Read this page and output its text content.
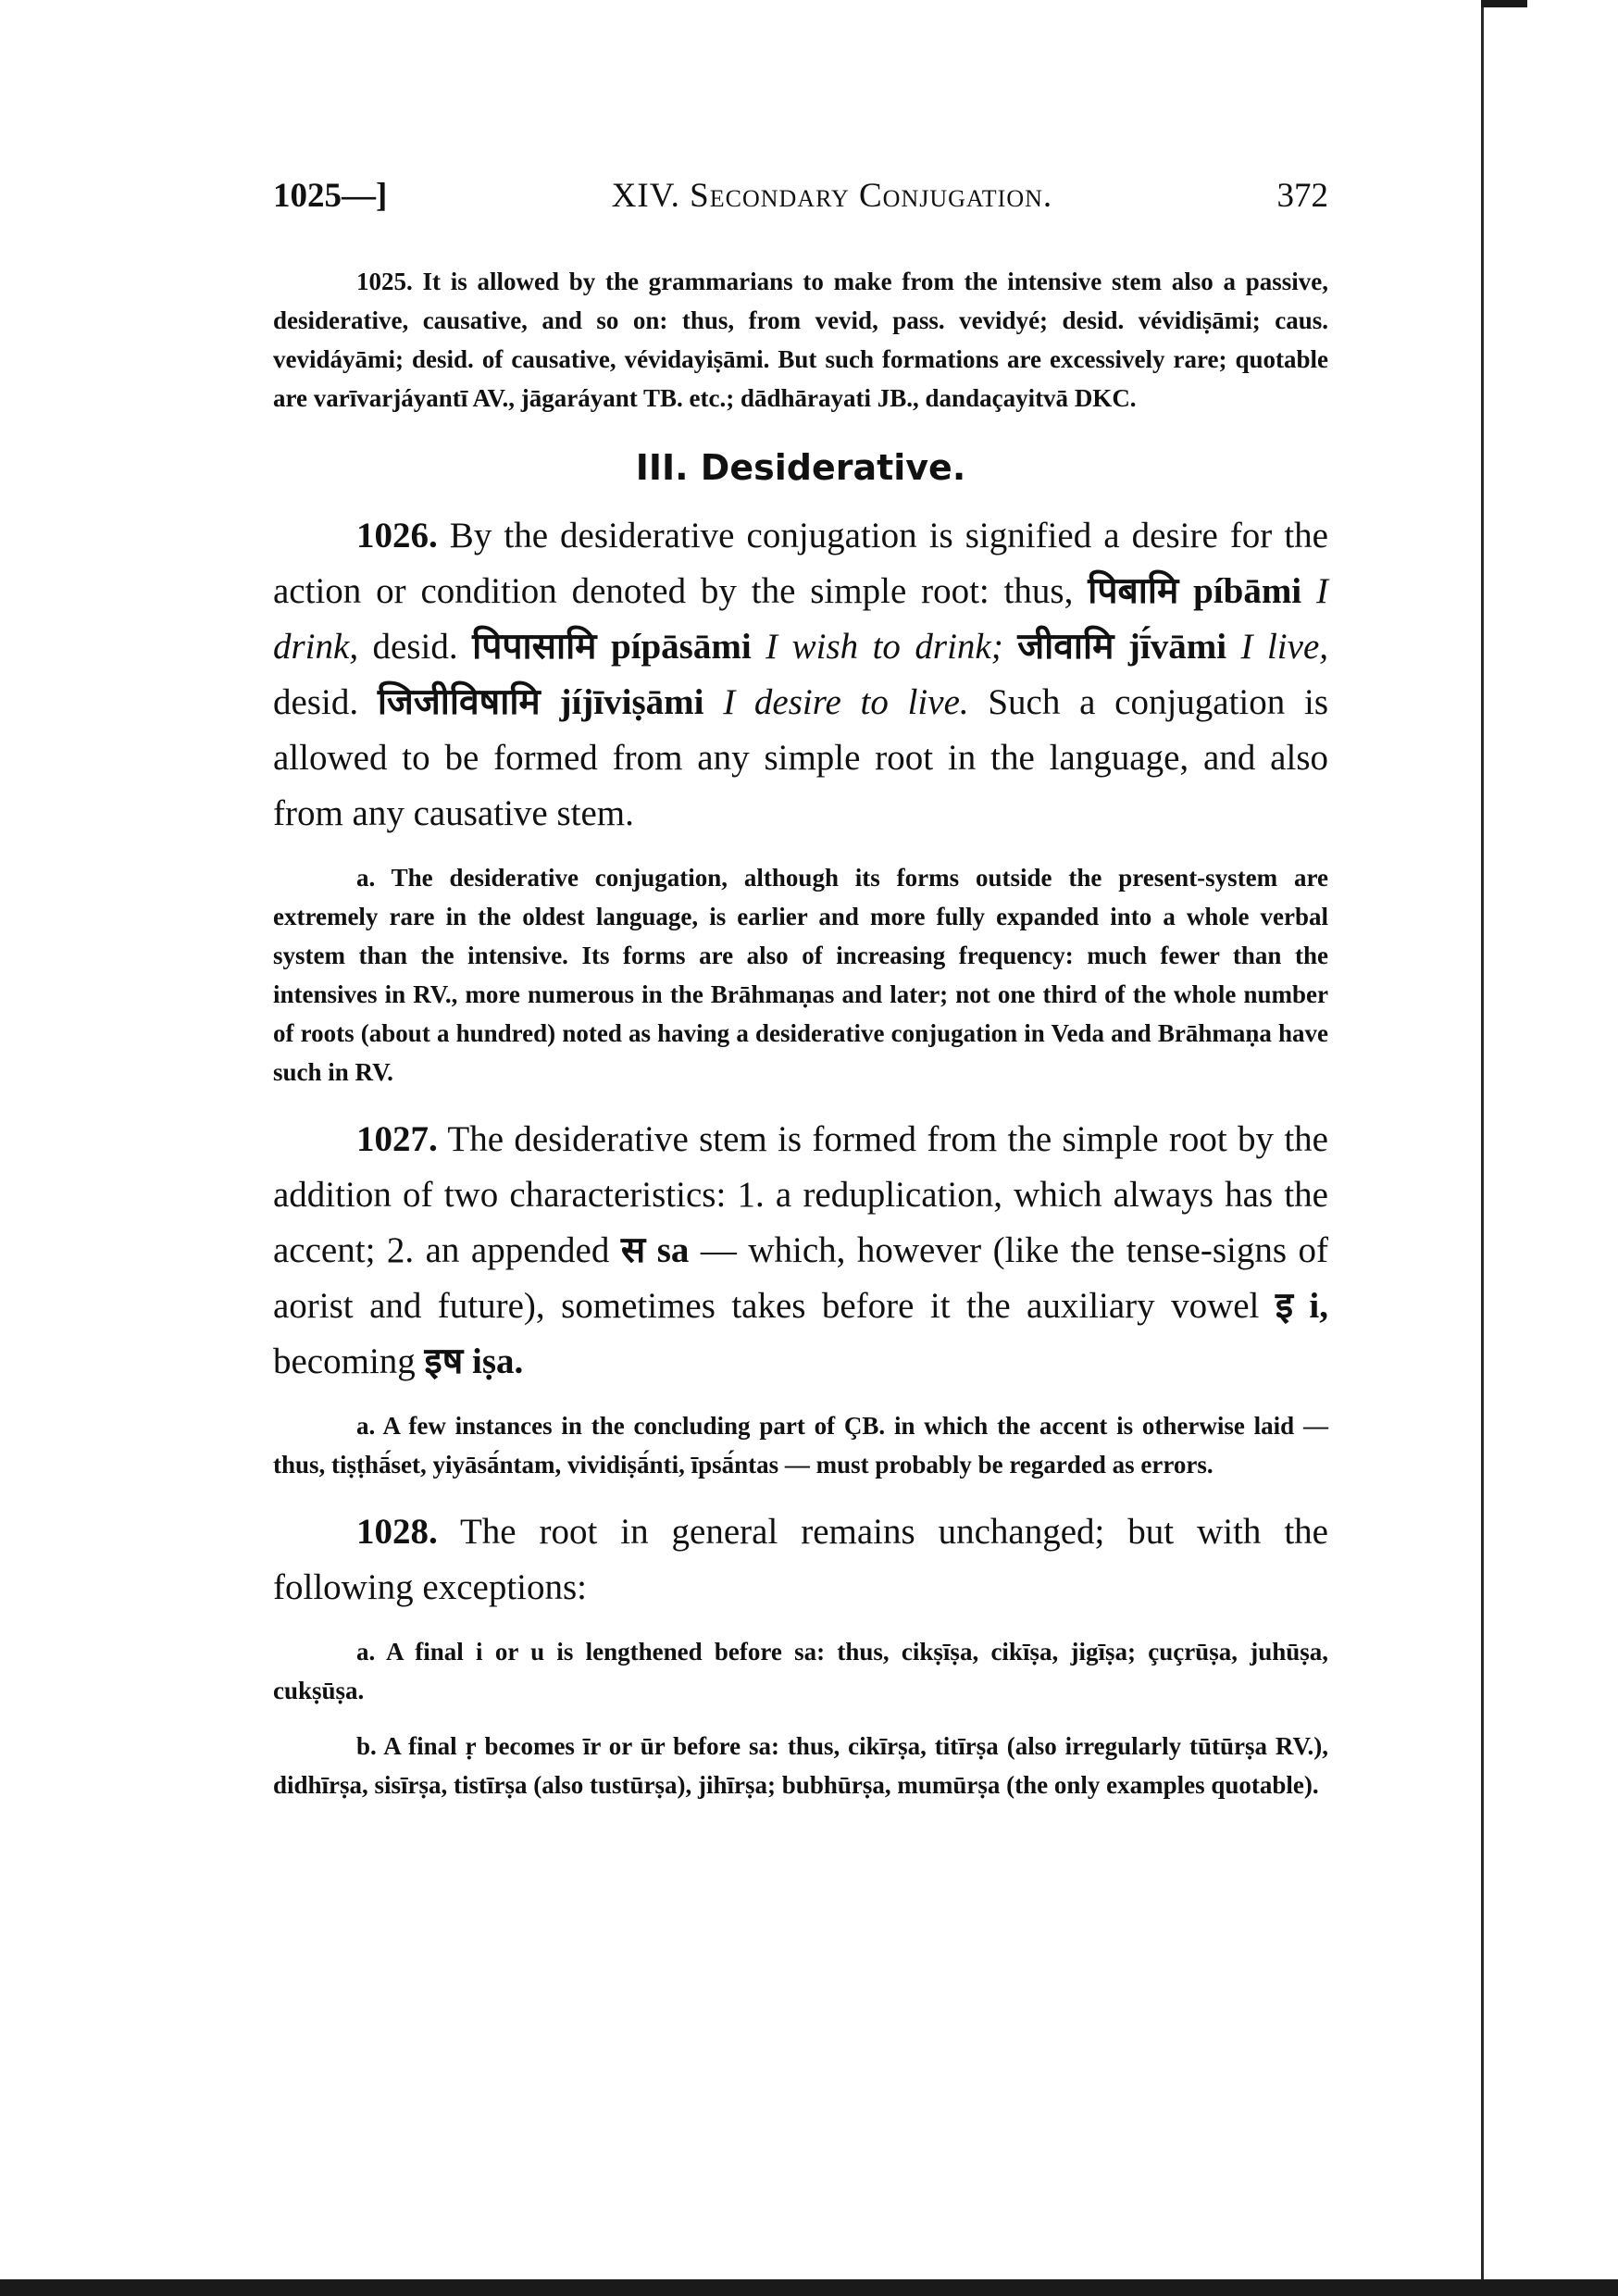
1025—]	XIV. Secondary Conjugation.	372

1025. It is allowed by the grammarians to make from the intensive stem also a passive, desiderative, causative, and so on: thus, from vevid, pass. vevidyé; desid. vévidiṣāmi; caus. vevidáyāmi; desid. of causative, vévidayiṣāmi. But such formations are excessively rare; quotable are varīvarjáyantī AV., jāgaráyant TB. etc.; dādhārayati JB., dandaçayitvā DKC.

III. Desiderative.

1026. By the desiderative conjugation is signified a desire for the action or condition denoted by the simple root: thus, पिबामि píbāmi I drink, desid. पिपासामि pípāsāmi I wish to drink; जीवामि jī́vāmi I live, desid. जिजीविषामि jíjīviṣāmi I desire to live. Such a conjugation is allowed to be formed from any simple root in the language, and also from any causative stem.

a. The desiderative conjugation, although its forms outside the present-system are extremely rare in the oldest language, is earlier and more fully expanded into a whole verbal system than the intensive. Its forms are also of increasing frequency: much fewer than the intensives in RV., more numerous in the Brāhmaṇas and later; not one third of the whole number of roots (about a hundred) noted as having a desiderative conjugation in Veda and Brāhmaṇa have such in RV.

1027. The desiderative stem is formed from the simple root by the addition of two characteristics: 1. a reduplication, which always has the accent; 2. an appended स sa — which, however (like the tense-signs of aorist and future), sometimes takes before it the auxiliary vowel इ i, becoming इष iṣa.

a. A few instances in the concluding part of ÇB. in which the accent is otherwise laid — thus, tiṣṭhā́set, yiyāsā́ntam, vividiṣā́nti, īpsā́ntas — must probably be regarded as errors.

1028. The root in general remains unchanged; but with the following exceptions:

a. A final i or u is lengthened before sa: thus, cikṣīṣa, cikīṣa, jigīṣa; çuçrūṣa, juhūṣa, cukṣūṣa.

b. A final ṛ becomes īr or ūr before sa: thus, cikīrṣa, titīrṣa (also irregularly tūtūrṣa RV.), didhīrṣa, sisīrṣa, tistīrṣa (also tustūrṣa), jihīrṣa; bubhūrṣa, mumūrṣa (the only examples quotable).
